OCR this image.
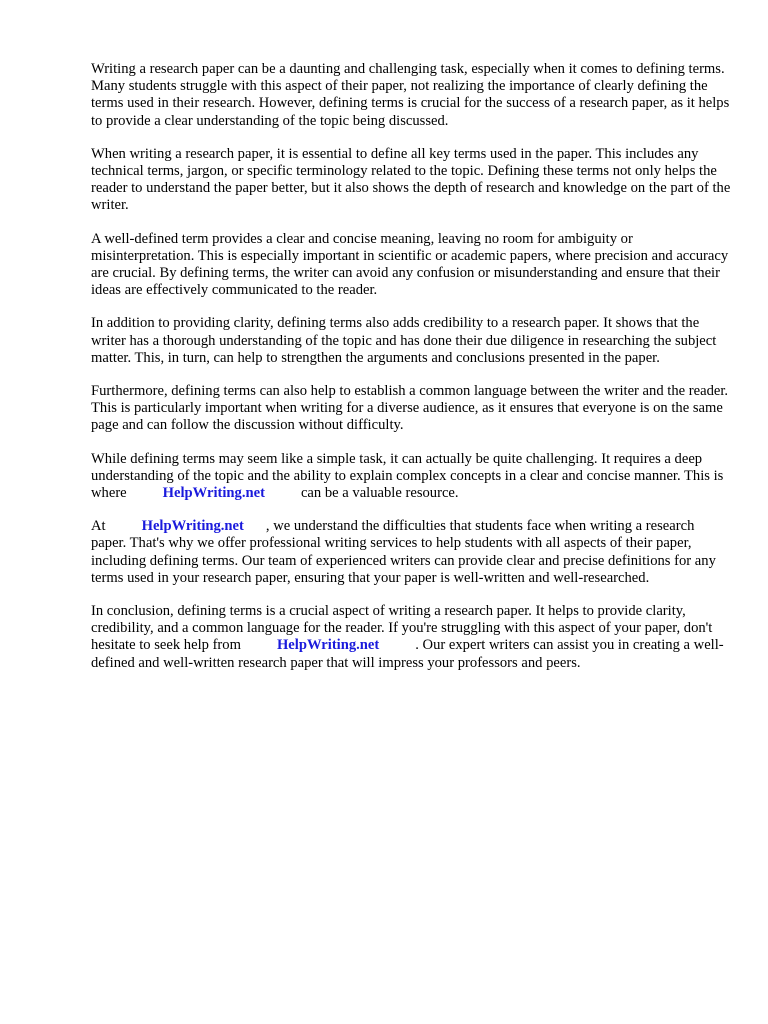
Writing a research paper can be a daunting and challenging task, especially when it comes to defining terms. Many students struggle with this aspect of their paper, not realizing the importance of clearly defining the terms used in their research. However, defining terms is crucial for the success of a research paper, as it helps to provide a clear understanding of the topic being discussed.

When writing a research paper, it is essential to define all key terms used in the paper. This includes any technical terms, jargon, or specific terminology related to the topic. Defining these terms not only helps the reader to understand the paper better, but it also shows the depth of research and knowledge on the part of the writer.

A well-defined term provides a clear and concise meaning, leaving no room for ambiguity or misinterpretation. This is especially important in scientific or academic papers, where precision and accuracy are crucial. By defining terms, the writer can avoid any confusion or misunderstanding and ensure that their ideas are effectively communicated to the reader.

In addition to providing clarity, defining terms also adds credibility to a research paper. It shows that the writer has a thorough understanding of the topic and has done their due diligence in researching the subject matter. This, in turn, can help to strengthen the arguments and conclusions presented in the paper.

Furthermore, defining terms can also help to establish a common language between the writer and the reader. This is particularly important when writing for a diverse audience, as it ensures that everyone is on the same page and can follow the discussion without difficulty.

While defining terms may seem like a simple task, it can actually be quite challenging. It requires a deep understanding of the topic and the ability to explain complex concepts in a clear and concise manner. This is where HelpWriting.net can be a valuable resource.

At HelpWriting.net , we understand the difficulties that students face when writing a research paper. That's why we offer professional writing services to help students with all aspects of their paper, including defining terms. Our team of experienced writers can provide clear and precise definitions for any terms used in your research paper, ensuring that your paper is well-written and well-researched.

In conclusion, defining terms is a crucial aspect of writing a research paper. It helps to provide clarity, credibility, and a common language for the reader. If you're struggling with this aspect of your paper, don't hesitate to seek help from HelpWriting.net . Our expert writers can assist you in creating a well-defined and well-written research paper that will impress your professors and peers.
